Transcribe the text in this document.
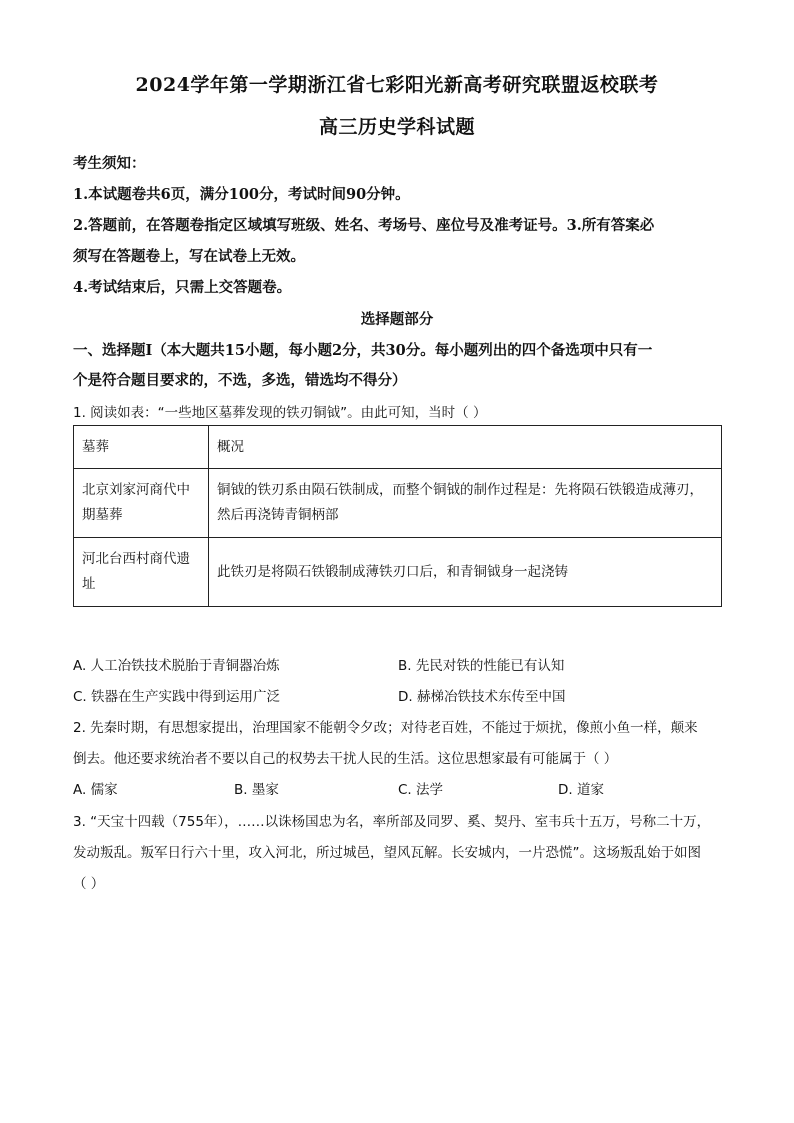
2024学年第一学期浙江省七彩阳光新高考研究联盟返校联考
高三历史学科试题
考生须知：
1.本试题卷共6页，满分100分，考试时间90分钟。
2.答题前，在答题卷指定区域填写班级、姓名、考场号、座位号及准考证号。3.所有答案必
须写在答题卷上，写在试卷上无效。
4.考试结束后，只需上交答题卷。
选择题部分
一、选择题Ⅰ（本大题共15小题，每小题2分，共30分。每小题列出的四个备选项中只有一
个是符合题目要求的，不选，多选，错选均不得分）
1. 阅读如表：“一些地区墓葬发现的铁刃铜钺”。由此可知，当时（ ）
墓葬	概况
北京刘家河商代中期墓葬	铜钺的铁刃系由陨石铁制成，而整个铜钺的制作过程是：先将陨石铁锻造成薄刃，然后再浇铸青铜柄部
河北台西村商代遗址	此铁刃是将陨石铁锻制成薄铁刃口后，和青铜钺身一起浇铸
A. 人工冶铁技术脱胎于青铜器冶炼	B. 先民对铁的性能已有认知
C. 铁器在生产实践中得到运用广泛	D. 赫梯冶铁技术东传至中国
2. 先秦时期，有思想家提出，治理国家不能朝令夕改；对待老百姓，不能过于烦扰，像煎小鱼一样，颠来
倒去。他还要求统治者不要以自己的权势去干扰人民的生活。这位思想家最有可能属于（ ）
A. 儒家	B. 墨家	C. 法学	D. 道家
3. “天宝十四载（755年），……以诛杨国忠为名，率所部及同罗、奚、契丹、室韦兵十五万，号称二十万，
发动叛乱。叛军日行六十里，攻入河北，所过城邑，望风瓦解。长安城内，一片恐慌”。这场叛乱始于如图
（ ）
